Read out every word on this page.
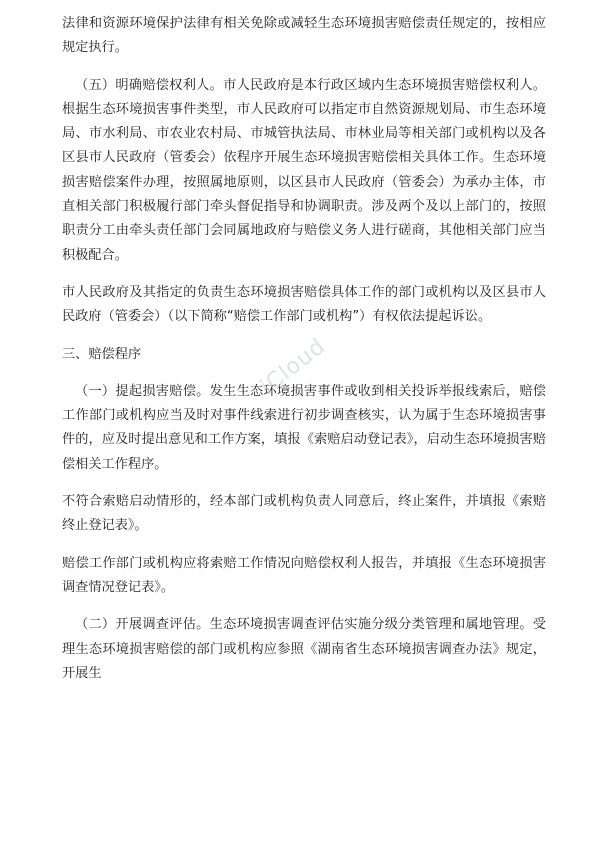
法律和资源环境保护法律有相关免除或减轻生态环境损害赔偿责任规定的，按相应规定执行。

（五）明确赔偿权利人。市人民政府是本行政区域内生态环境损害赔偿权利人。根据生态环境损害事件类型，市人民政府可以指定市自然资源规划局、市生态环境局、市水利局、市农业农村局、市城管执法局、市林业局等相关部门或机构以及各区县市人民政府（管委会）依程序开展生态环境损害赔偿相关具体工作。生态环境损害赔偿案件办理，按照属地原则，以区县市人民政府（管委会）为承办主体，市直相关部门积极履行部门牵头督促指导和协调职责。涉及两个及以上部门的，按照职责分工由牵头责任部门会同属地政府与赔偿义务人进行磋商，其他相关部门应当积极配合。

市人民政府及其指定的负责生态环境损害赔偿具体工作的部门或机构以及区县市人民政府（管委会）（以下简称“赔偿工作部门或机构”）有权依法提起诉讼。

三、赔偿程序

（一）提起损害赔偿。发生生态环境损害事件或收到相关投诉举报线索后，赔偿工作部门或机构应当及时对事件线索进行初步调查核实，认为属于生态环境损害事件的，应及时提出意见和工作方案，填报《索赔启动登记表》，启动生态环境损害赔偿相关工作程序。

不符合索赔启动情形的，经本部门或机构负责人同意后，终止案件，并填报《索赔终止登记表》。

赔偿工作部门或机构应将索赔工作情况向赔偿权利人报告，并填报《生态环境损害调查情况登记表》。

（二）开展调查评估。生态环境损害调查评估实施分级分类管理和属地管理。受理生态环境损害赔偿的部门或机构应参照《湖南省生态环境损害调查办法》规定，开展生

iCloud
